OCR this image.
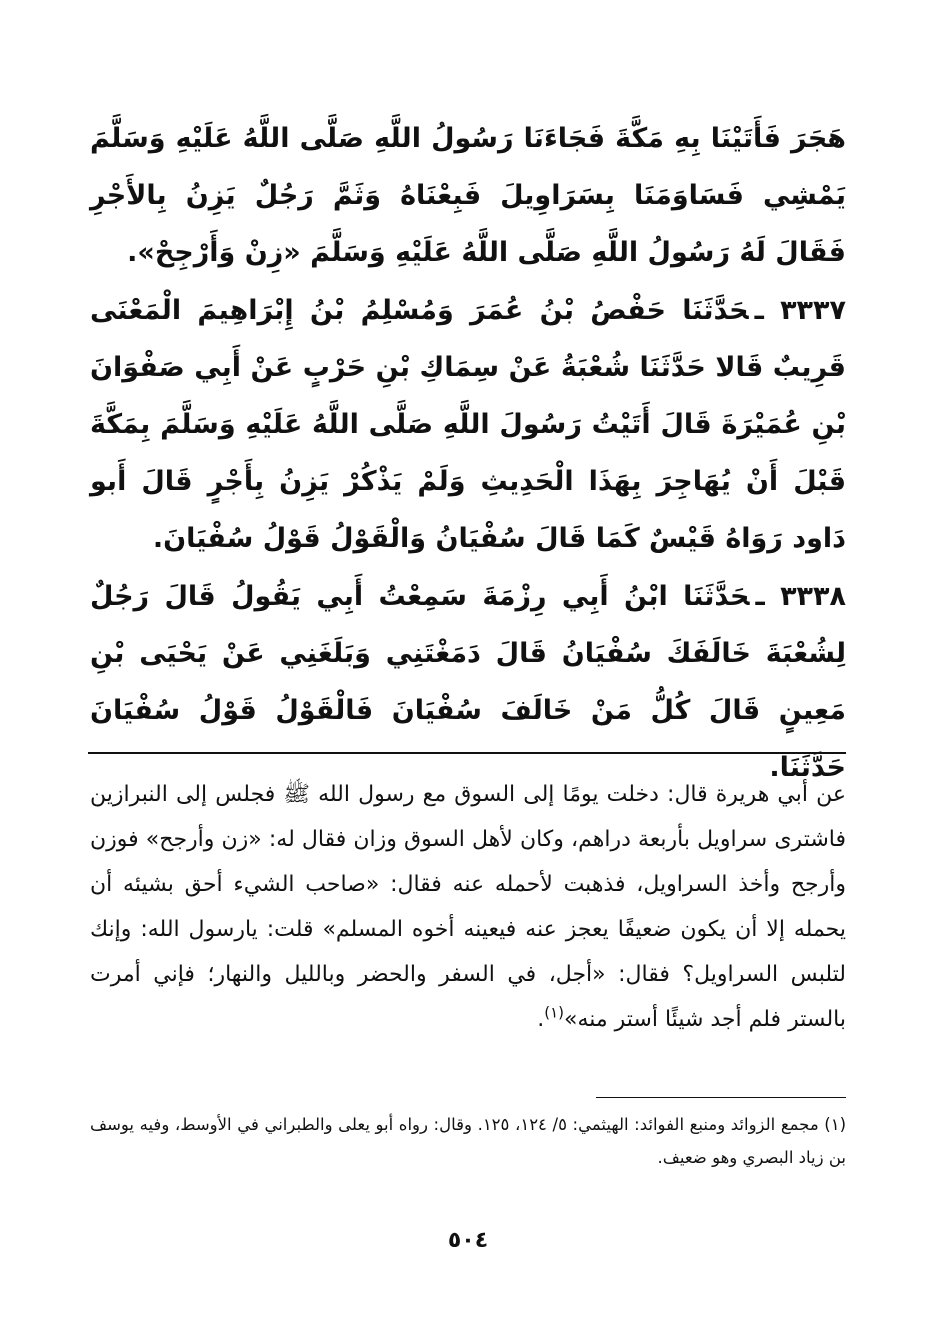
هَجَرَ فَأَتَيْنَا بِهِ مَكَّةَ فَجَاءَنَا رَسُولُ اللَّهِ صَلَّى اللَّهُ عَلَيْهِ وَسَلَّمَ يَمْشِي فَسَاوَمَنَا بِسَرَاوِيلَ فَبِعْنَاهُ وَثَمَّ رَجُلٌ يَزِنُ بِالأَجْرِ فَقَالَ لَهُ رَسُولُ اللَّهِ صَلَّى اللَّهُ عَلَيْهِ وَسَلَّمَ «زِنْ وَأَرْجِحْ».
٣٣٣٧ ـحَدَّثَنَا حَفْصُ بْنُ عُمَرَ وَمُسْلِمُ بْنُ إِبْرَاهِيمَ الْمَعْنَى قَرِيبٌ قَالا حَدَّثَنَا شُعْبَةُ عَنْ سِمَاكِ بْنِ حَرْبٍ عَنْ أَبِي صَفْوَانَ بْنِ عُمَيْرَةَ قَالَ أَتَيْتُ رَسُولَ اللَّهِ صَلَّى اللَّهُ عَلَيْهِ وَسَلَّمَ بِمَكَّةَ قَبْلَ أَنْ يُهَاجِرَ بِهَذَا الْحَدِيثِ وَلَمْ يَذْكُرْ يَزِنُ بِأَجْرٍ قَالَ أَبو دَاود رَوَاهُ قَيْسٌ كَمَا قَالَ سُفْيَانُ وَالْقَوْلُ قَوْلُ سُفْيَانَ.
٣٣٣٨ ـحَدَّثَنَا ابْنُ أَبِي رِزْمَةَ سَمِعْتُ أَبِي يَقُولُ قَالَ رَجُلٌ لِشُعْبَةَ خَالَفَكَ سُفْيَانُ قَالَ دَمَغْتَنِي وَبَلَغَنِي عَنْ يَحْيَى بْنِ مَعِينٍ قَالَ كُلُّ مَنْ خَالَفَ سُفْيَانَ فَالْقَوْلُ قَوْلُ سُفْيَانَ حَدَّثَنَا.
عن أبي هريرة قال: دخلت يومًا إلى السوق مع رسول الله ﷺ فجلس إلى النبرازين فاشترى سراويل بأربعة دراهم، وكان لأهل السوق وزان فقال له: «زن وأرجح» فوزن وأرجح وأخذ السراويل، فذهبت لأحمله عنه فقال: «صاحب الشيء أحق بشيئه أن يحمله إلا أن يكون ضعيفًا يعجز عنه فيعينه أخوه المسلم» قلت: يارسول الله: وإنك لتلبس السراويل؟ فقال: «أجل، في السفر والحضر وبالليل والنهار؛ فإني أمرت بالستر فلم أجد شيئًا أستر منه»$^{(١)}$.
(١) مجمع الزوائد ومنبع الفوائد: الهيثمي: ٥/ ١٢٤، ١٢٥. وقال: رواه أبو يعلى والطبراني في الأوسط، وفيه يوسف بن زياد البصري وهو ضعيف.
٥٠٤
